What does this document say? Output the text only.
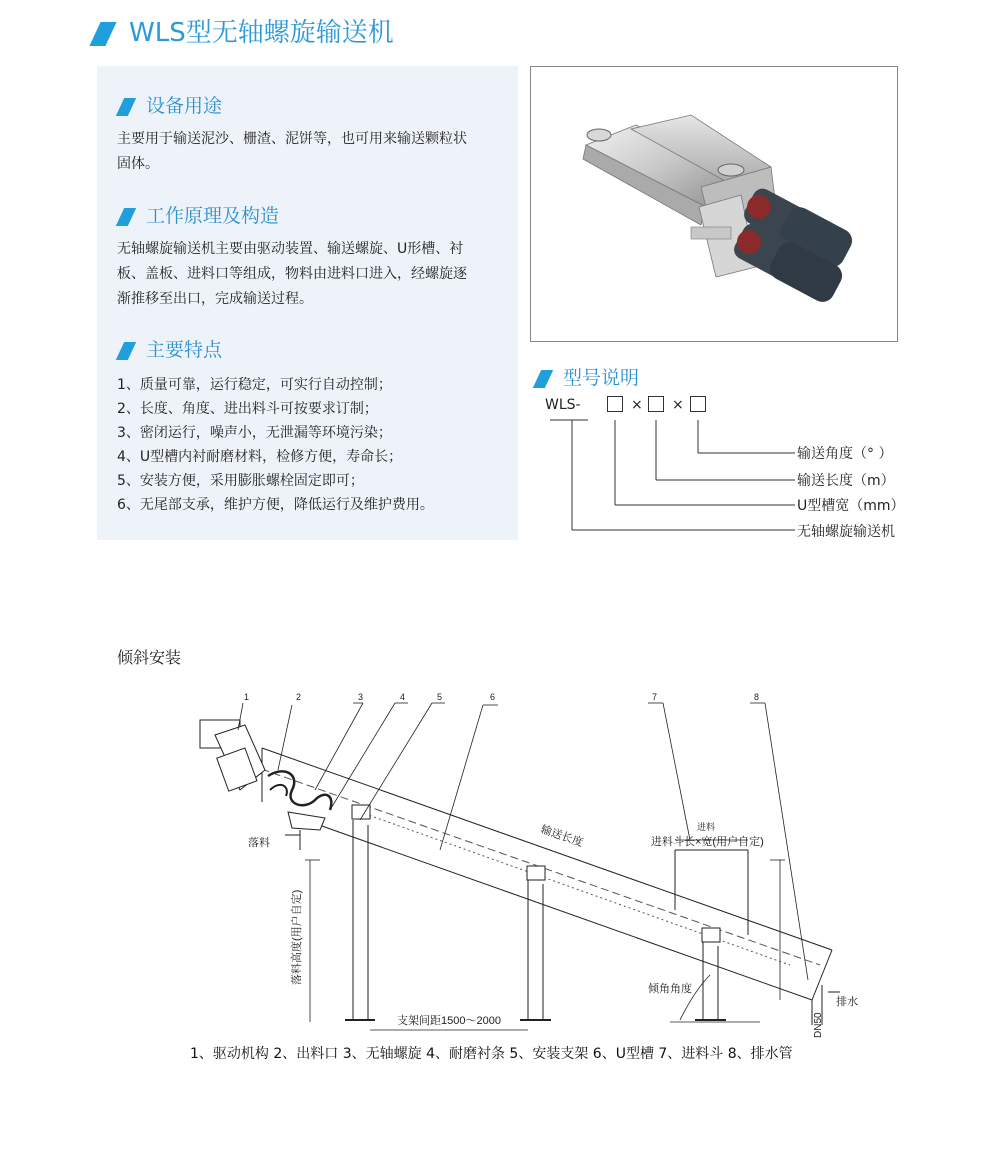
WLS型无轴螺旋输送机
设备用途
主要用于输送泥沙、栅渣、泥饼等，也可用来输送颗粒状
固体。
工作原理及构造
无轴螺旋输送机主要由驱动装置、输送螺旋、U形槽、衬
板、盖板、进料口等组成，物料由进料口进入，经螺旋逐
渐推移至出口，完成输送过程。
主要特点
1、质量可靠，运行稳定，可实行自动控制；
2、长度、角度、进出料斗可按要求订制；
3、密闭运行，噪声小，无泄漏等环境污染；
4、U型槽内衬耐磨材料，检修方便，寿命长；
5、安装方便，采用膨胀螺栓固定即可；
6、无尾部支承，维护方便，降低运行及维护费用。
型号说明
WLS-	× ×
输送角度（° ）
输送长度（m）
U型槽宽（mm）
无轴螺旋输送机
倾斜安装
1	2	3	4	5	6	7	8
落料	输送长度	进料
进料斗长×宽(用户自定)
倾角角度
排水
支架间距1500～2000
落料高度(用户自定)
DN50
1、驱动机构 2、出料口 3、无轴螺旋 4、耐磨衬条 5、安装支架 6、U型槽 7、进料斗 8、排水管
